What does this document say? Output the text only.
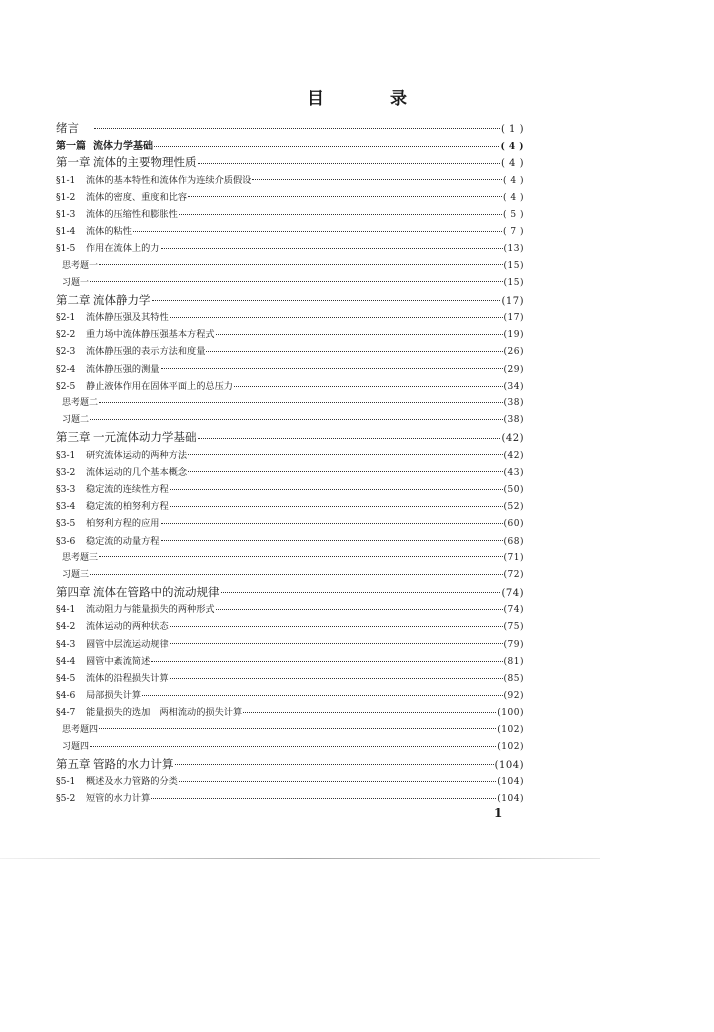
目 录
绪言	( 1 )
第一篇 流体力学基础	( 4 )
第一章 流体的主要物理性质	( 4 )
§1-1	流体的基本特性和流体作为连续介质假设	( 4 )
§1-2	流体的密度、重度和比容	( 4 )
§1-3	流体的压缩性和膨胀性	( 5 )
§1-4	流体的粘性	( 7 )
§1-5	作用在流体上的力	(13)
思考题一	(15)
习题一	(15)
第二章 流体静力学	(17)
§2-1	流体静压强及其特性	(17)
§2-2	重力场中流体静压强基本方程式	(19)
§2-3	流体静压强的表示方法和度量	(26)
§2-4	流体静压强的测量	(29)
§2-5	静止液体作用在固体平面上的总压力	(34)
思考题二	(38)
习题二	(38)
第三章 一元流体动力学基础	(42)
§3-1	研究流体运动的两种方法	(42)
§3-2	流体运动的几个基本概念	(43)
§3-3	稳定流的连续性方程	(50)
§3-4	稳定流的柏努利方程	(52)
§3-5	柏努利方程的应用	(60)
§3-6	稳定流的动量方程	(68)
思考题三	(71)
习题三	(72)
第四章 流体在管路中的流动规律	(74)
§4-1	流动阻力与能量损失的两种形式	(74)
§4-2	流体运动的两种状态	(75)
§4-3	圆管中层流运动规律	(79)
§4-4	圆管中紊流简述	(81)
§4-5	流体的沿程损失计算	(85)
§4-6	局部损失计算	(92)
§4-7	能量损失的选加　两相流动的损失计算	(100)
思考题四	(102)
习题四	(102)
第五章 管路的水力计算	(104)
§5-1	概述及水力管路的分类	(104)
§5-2	短管的水力计算	(104)
1
